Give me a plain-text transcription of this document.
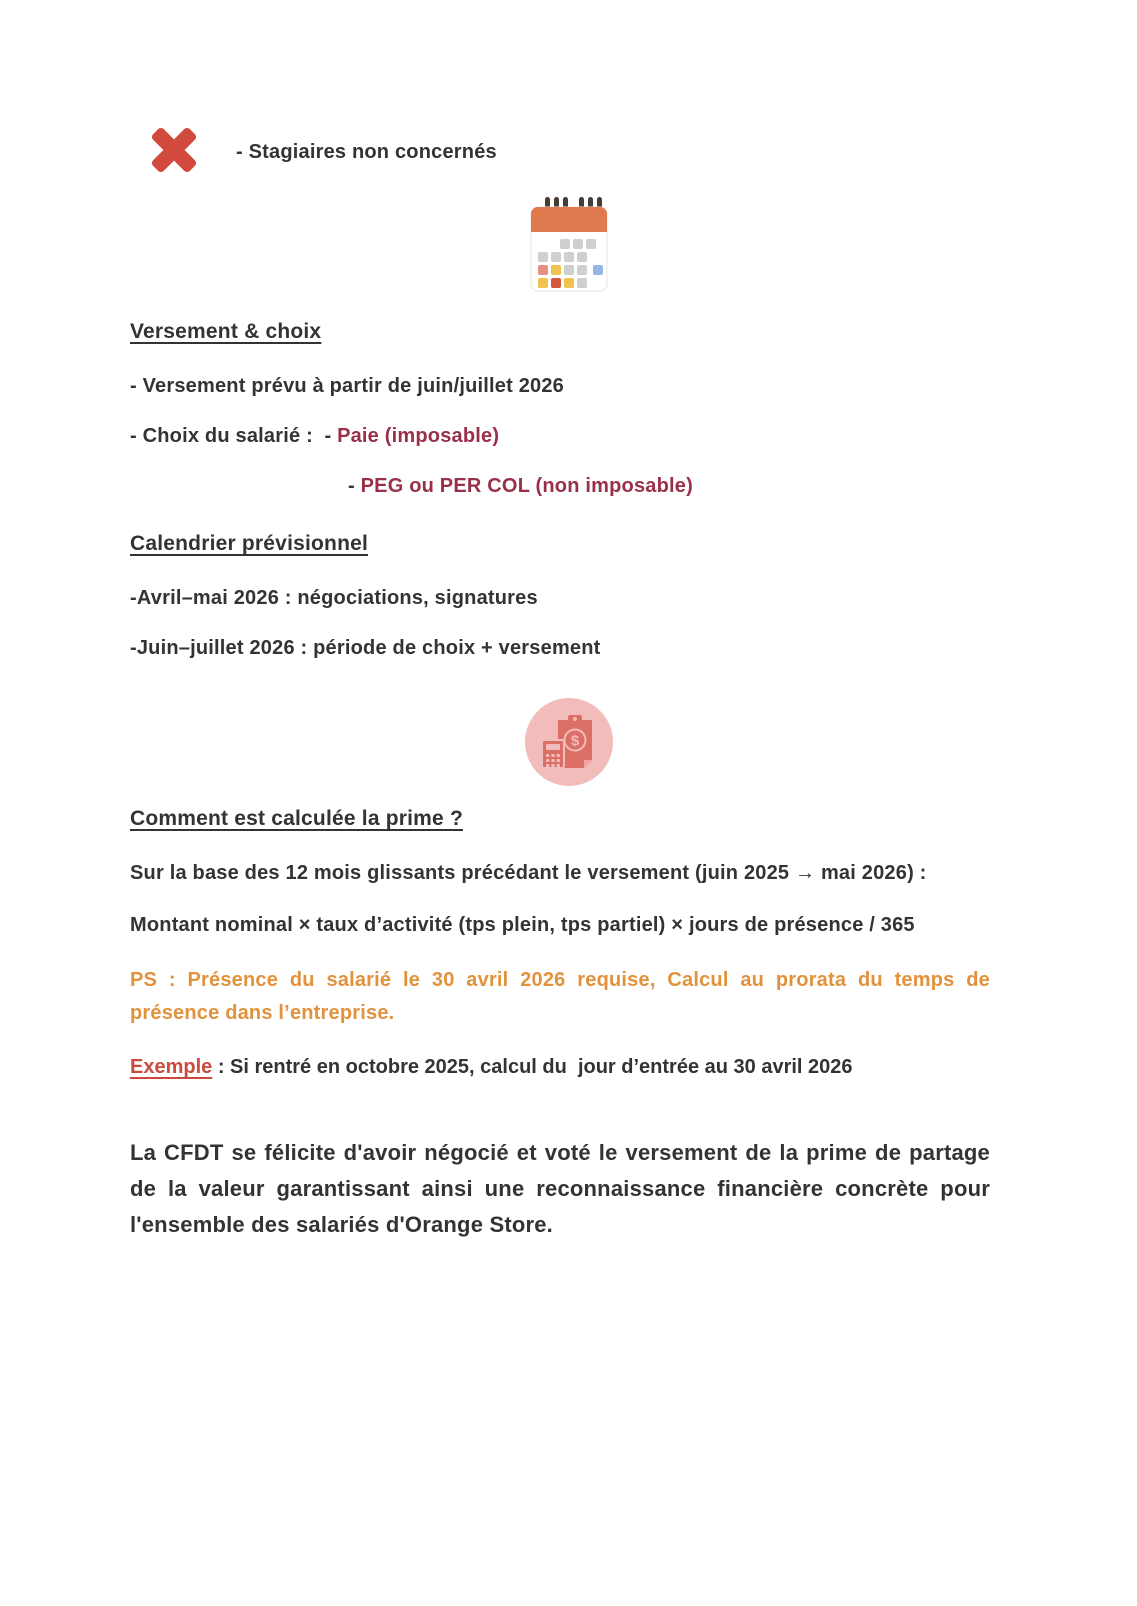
- Stagiaires non concernés
Versement & choix

- Versement prévu à partir de juin/juillet 2026

- Choix du salarié :  - Paie (imposable)

- PEG ou PER COL (non imposable)

Calendrier prévisionnel

-Avril–mai 2026 : négociations, signatures

-Juin–juillet 2026 : période de choix + versement

$
Comment est calculée la prime ?

Sur la base des 12 mois glissants précédant le versement (juin 2025 → mai 2026) :

Montant nominal × taux d’activité (tps plein, tps partiel) × jours de présence / 365

PS : Présence du salarié le 30 avril 2026 requise, Calcul au prorata du temps de présence dans l’entreprise.

Exemple : Si rentré en octobre 2025, calcul du  jour d’entrée au 30 avril 2026

La CFDT se félicite d'avoir négocié et voté le versement de la prime de partage de la valeur garantissant ainsi une reconnaissance financière concrète pour l'ensemble des salariés d'Orange Store.
